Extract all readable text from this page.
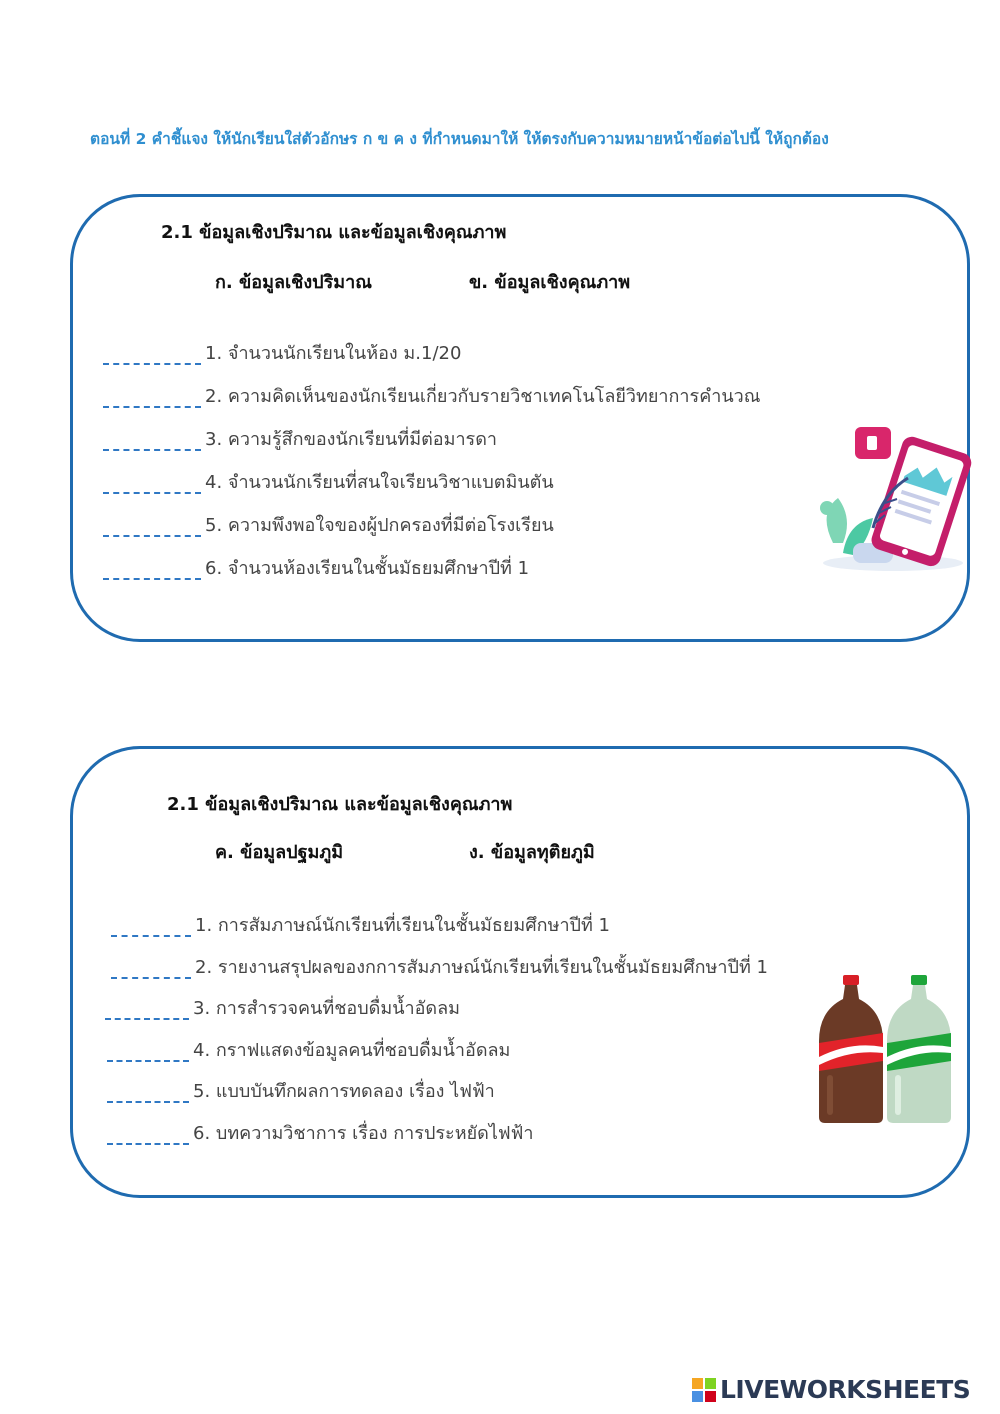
ตอนที่ 2 คำชี้แจง ให้นักเรียนใส่ตัวอักษร ก ข ค ง ที่กำหนดมาให้ ให้ตรงกับความหมายหน้าข้อต่อไปนี้ ให้ถูกต้อง
2.1 ข้อมูลเชิงปริมาณ และข้อมูลเชิงคุณภาพ
ก. ข้อมูลเชิงปริมาณ	ข. ข้อมูลเชิงคุณภาพ
1. จำนวนนักเรียนในห้อง ม.1/20
2. ความคิดเห็นของนักเรียนเกี่ยวกับรายวิชาเทคโนโลยีวิทยาการคำนวณ
3. ความรู้สึกของนักเรียนที่มีต่อมารดา
4. จำนวนนักเรียนที่สนใจเรียนวิชาแบตมินตัน
5. ความพึงพอใจของผู้ปกครองที่มีต่อโรงเรียน
6. จำนวนห้องเรียนในชั้นมัธยมศึกษาปีที่ 1
2.1 ข้อมูลเชิงปริมาณ และข้อมูลเชิงคุณภาพ
ค. ข้อมูลปฐมภูมิ	ง. ข้อมูลทุติยภูมิ
1. การสัมภาษณ์นักเรียนที่เรียนในชั้นมัธยมศึกษาปีที่ 1
2. รายงานสรุปผลของกการสัมภาษณ์นักเรียนที่เรียนในชั้นมัธยมศึกษาปีที่ 1
3. การสำรวจคนที่ชอบดื่มน้ำอัดลม
4. กราฟแสดงข้อมูลคนที่ชอบดื่มน้ำอัดลม
5. แบบบันทึกผลการทดลอง เรื่อง ไฟฟ้า
6. บทความวิชาการ เรื่อง การประหยัดไฟฟ้า
LIVEWORKSHEETS
